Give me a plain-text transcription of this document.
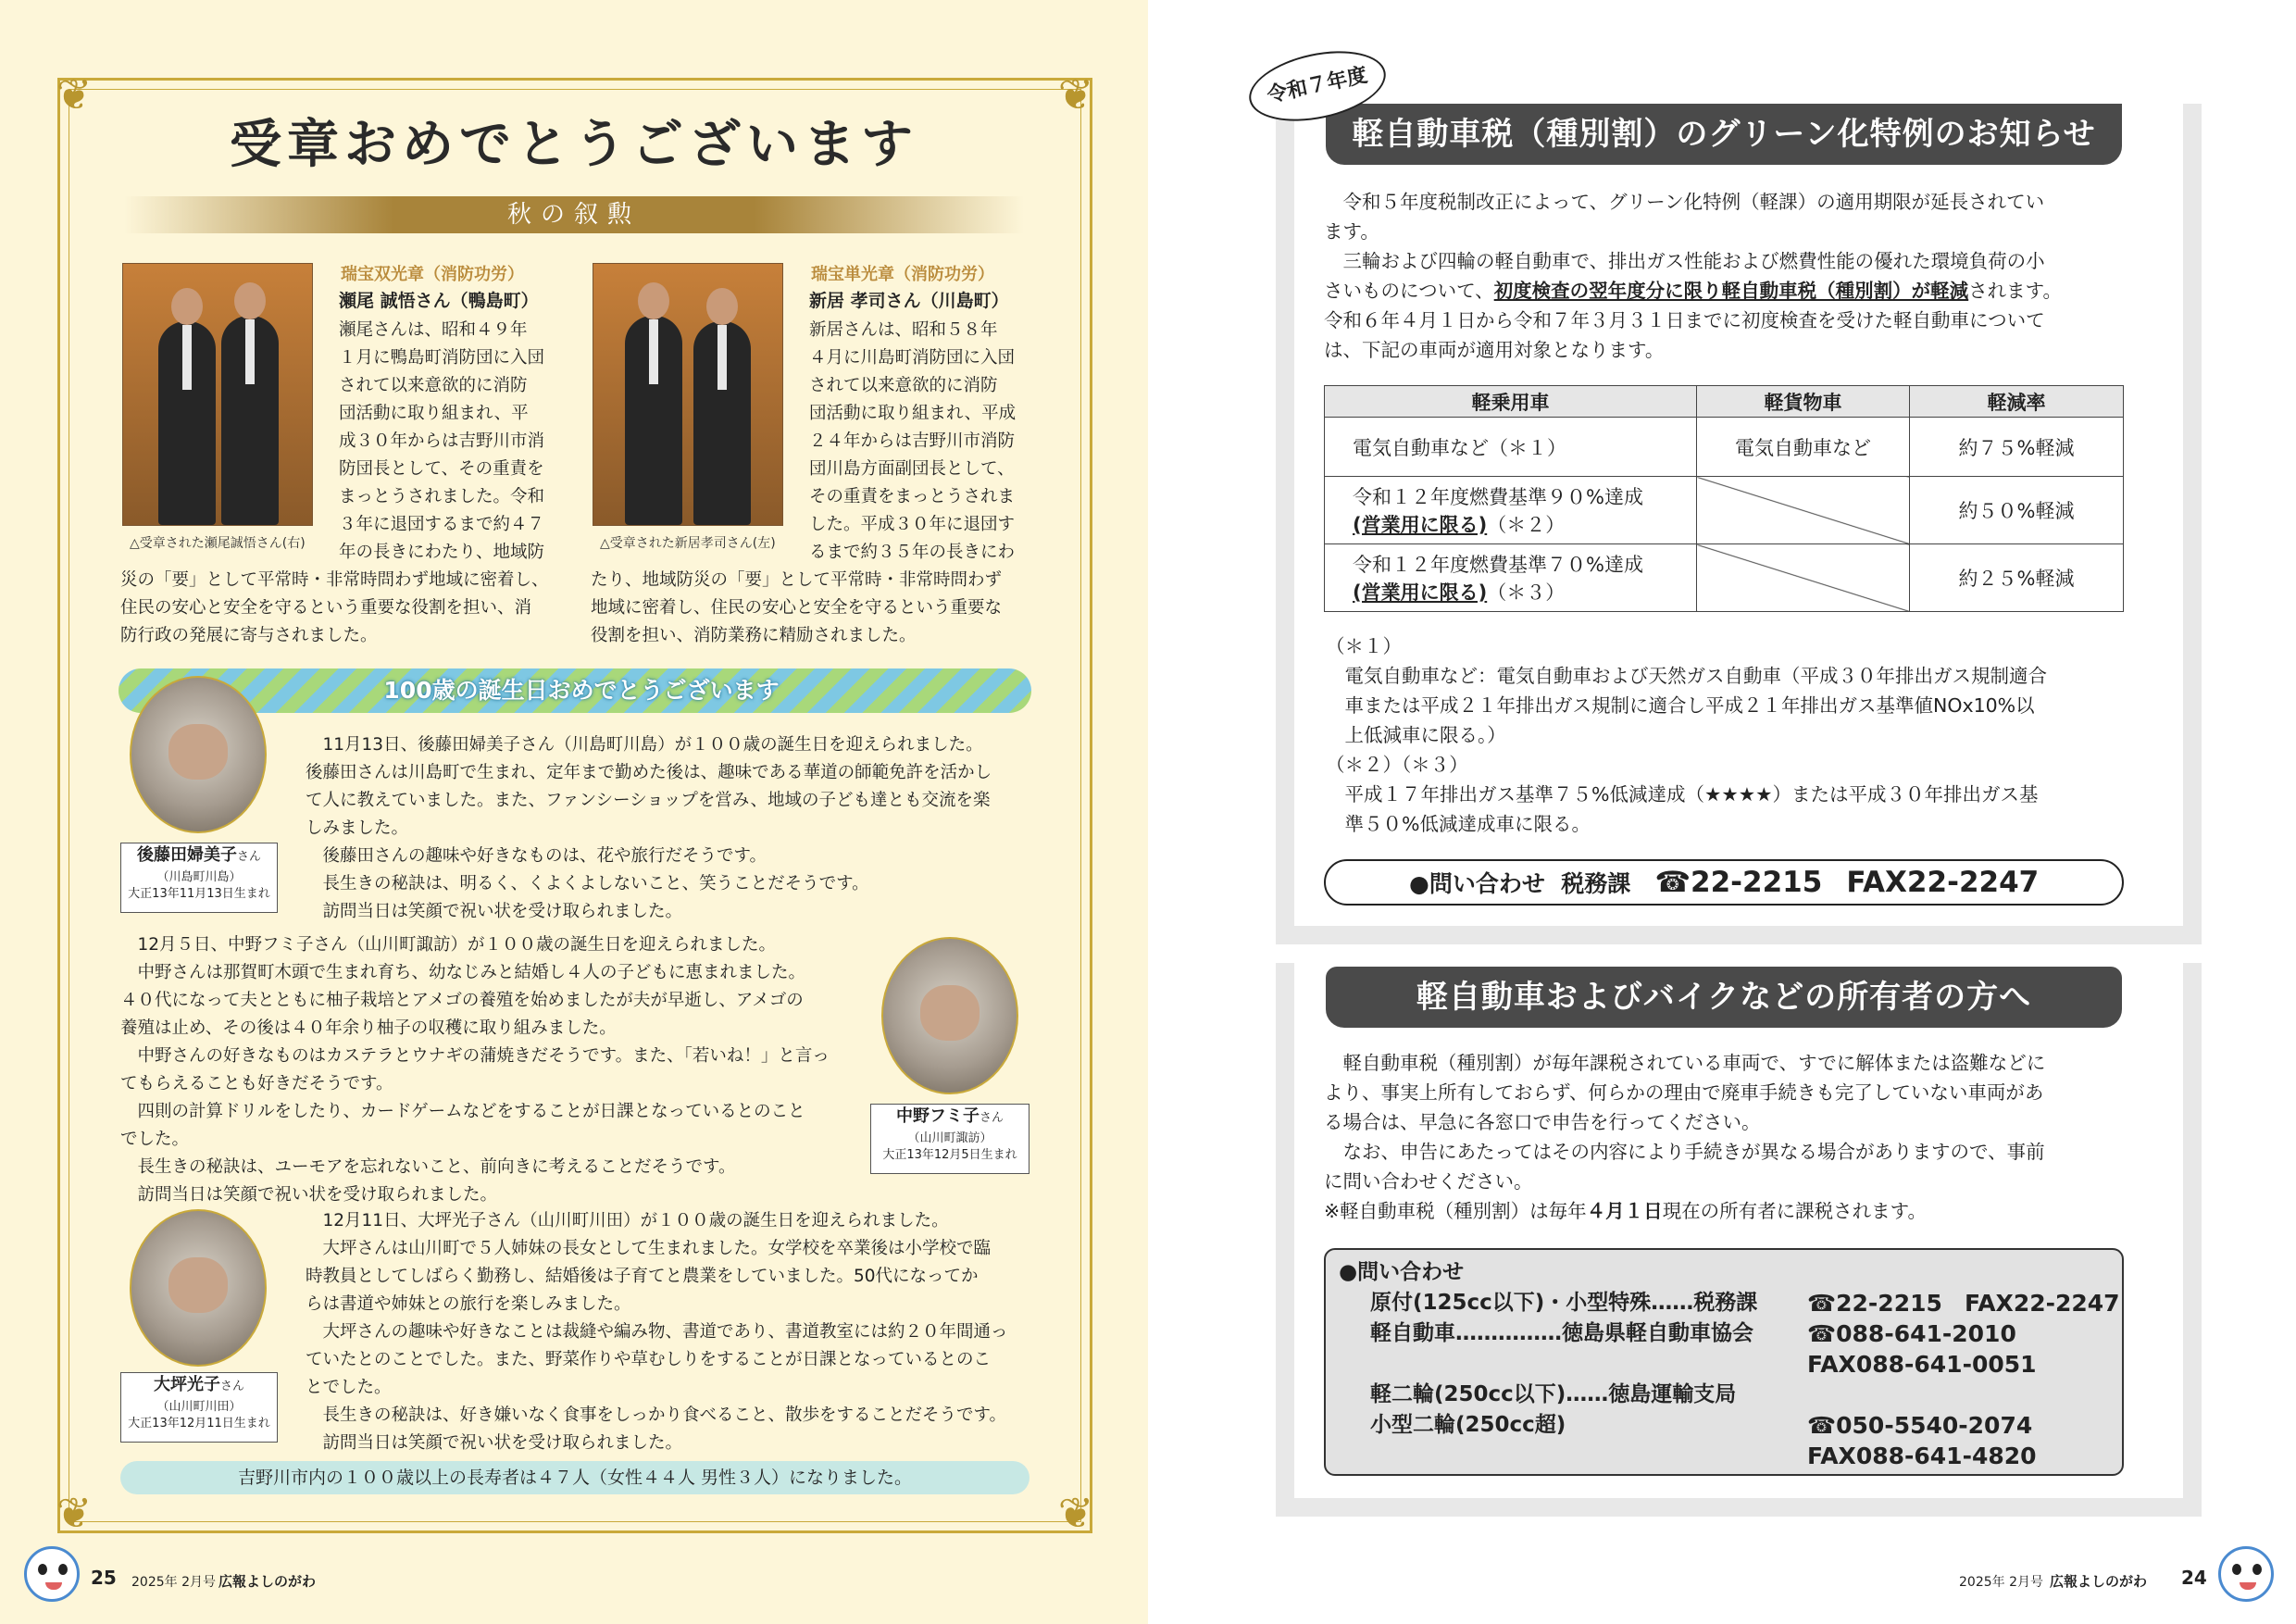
❦	❦
❦	❦
受章おめでとうございます
秋の叙勲
△受章された瀬尾誠悟さん(右)
瑞宝双光章（消防功労）
瀬尾 誠悟さん（鴨島町）
瀬尾さんは、昭和４９年
１月に鴨島町消防団に入団
されて以来意欲的に消防
団活動に取り組まれ、平
成３０年からは吉野川市消
防団長として、その重責を
まっとうされました。令和
３年に退団するまで約４７
年の長きにわたり、地域防
災の「要」として平常時・非常時問わず地域に密着し、
住民の安心と安全を守るという重要な役割を担い、消
防行政の発展に寄与されました。
△受章された新居孝司さん(左)
瑞宝単光章（消防功労）
新居 孝司さん（川島町）
新居さんは、昭和５８年
４月に川島町消防団に入団
されて以来意欲的に消防
団活動に取り組まれ、平成
２４年からは吉野川市消防
団川島方面副団長として、
その重責をまっとうされま
した。平成３０年に退団す
るまで約３５年の長きにわ
たり、地域防災の「要」として平常時・非常時問わず
地域に密着し、住民の安心と安全を守るという重要な
役割を担い、消防業務に精励されました。
100歳の誕生日おめでとうございます
後藤田婦美子さん
（川島町川島）
大正13年11月13日生まれ
　11月13日、後藤田婦美子さん（川島町川島）が１００歳の誕生日を迎えられました。
後藤田さんは川島町で生まれ、定年まで勤めた後は、趣味である華道の師範免許を活かし
て人に教えていました。また、ファンシーショップを営み、地域の子ども達とも交流を楽
しみました。
　後藤田さんの趣味や好きなものは、花や旅行だそうです。
　長生きの秘訣は、明るく、くよくよしないこと、笑うことだそうです。
　訪問当日は笑顔で祝い状を受け取られました。
　12月５日、中野フミ子さん（山川町諏訪）が１００歳の誕生日を迎えられました。
　中野さんは那賀町木頭で生まれ育ち、幼なじみと結婚し４人の子どもに恵まれました。
４０代になって夫とともに柚子栽培とアメゴの養殖を始めましたが夫が早逝し、アメゴの
養殖は止め、その後は４０年余り柚子の収穫に取り組みました。
　中野さんの好きなものはカステラとウナギの蒲焼きだそうです。また、「若いね！」と言っ
てもらえることも好きだそうです。
　四則の計算ドリルをしたり、カードゲームなどをすることが日課となっているとのこと
でした。
　長生きの秘訣は、ユーモアを忘れないこと、前向きに考えることだそうです。
　訪問当日は笑顔で祝い状を受け取られました。
中野フミ子さん
（山川町諏訪）
大正13年12月5日生まれ
大坪光子さん
（山川町川田）
大正13年12月11日生まれ
　12月11日、大坪光子さん（山川町川田）が１００歳の誕生日を迎えられました。
　大坪さんは山川町で５人姉妹の長女として生まれました。女学校を卒業後は小学校で臨
時教員としてしばらく勤務し、結婚後は子育てと農業をしていました。50代になってか
らは書道や姉妹との旅行を楽しみました。
　大坪さんの趣味や好きなことは裁縫や編み物、書道であり、書道教室には約２０年間通っ
ていたとのことでした。また、野菜作りや草むしりをすることが日課となっているとのこ
とでした。
　長生きの秘訣は、好き嫌いなく食事をしっかり食べること、散歩をすることだそうです。
　訪問当日は笑顔で祝い状を受け取られました。
吉野川市内の１００歳以上の長寿者は４７人（女性４４人 男性３人）になりました。
25 2025年 2月号 広報よしのがわ
軽自動車税（種別割）のグリーン化特例のお知らせ
令和７年度
　令和５年度税制改正によって、グリーン化特例（軽課）の適用期限が延長されてい
ます。
　三輪および四輪の軽自動車で、排出ガス性能および燃費性能の優れた環境負荷の小
さいものについて、初度検査の翌年度分に限り軽自動車税（種別割）が軽減されます。
令和６年４月１日から令和７年３月３１日までに初度検査を受けた軽自動車について
は、下記の車両が適用対象となります。
軽乗用車	軽貨物車	軽減率
電気自動車など（＊１）	電気自動車など	約７５%軽減

令和１２年度燃費基準９０%達成
(営業用に限る)（＊２）		約５０%軽減

令和１２年度燃費基準７０%達成
(営業用に限る)（＊３）		約２５%軽減
（＊１）
　電気自動車など：電気自動車および天然ガス自動車（平成３０年排出ガス規制適合
　車または平成２１年排出ガス規制に適合し平成２１年排出ガス基準値NOx10%以
　上低減車に限る。）
（＊２）（＊３）
　平成１７年排出ガス基準７５%低減達成（★★★★）または平成３０年排出ガス基
　準５０%低減達成車に限る。
●問い合わせ 税務課 ☎22-2215 FAX22-2247
軽自動車およびバイクなどの所有者の方へ
　軽自動車税（種別割）が毎年課税されている車両で、すでに解体または盗難などに
より、事実上所有しておらず、何らかの理由で廃車手続きも完了していない車両があ
る場合は、早急に各窓口で申告を行ってください。
　なお、申告にあたってはその内容により手続きが異なる場合がありますので、事前
に問い合わせください。
※軽自動車税（種別割）は毎年４月１日現在の所有者に課税されます。
●問い合わせ
原付(125cc以下)・小型特殊……税務課 ☎22-2215 FAX22-2247
軽自動車……………徳島県軽自動車協会 ☎088-641-2010
FAX088-641-0051
軽二輪(250cc以下)……徳島運輸支局
小型二輪(250cc超)	☎050-5540-2074
FAX088-641-4820
2025年 2月号 広報よしのがわ 24
